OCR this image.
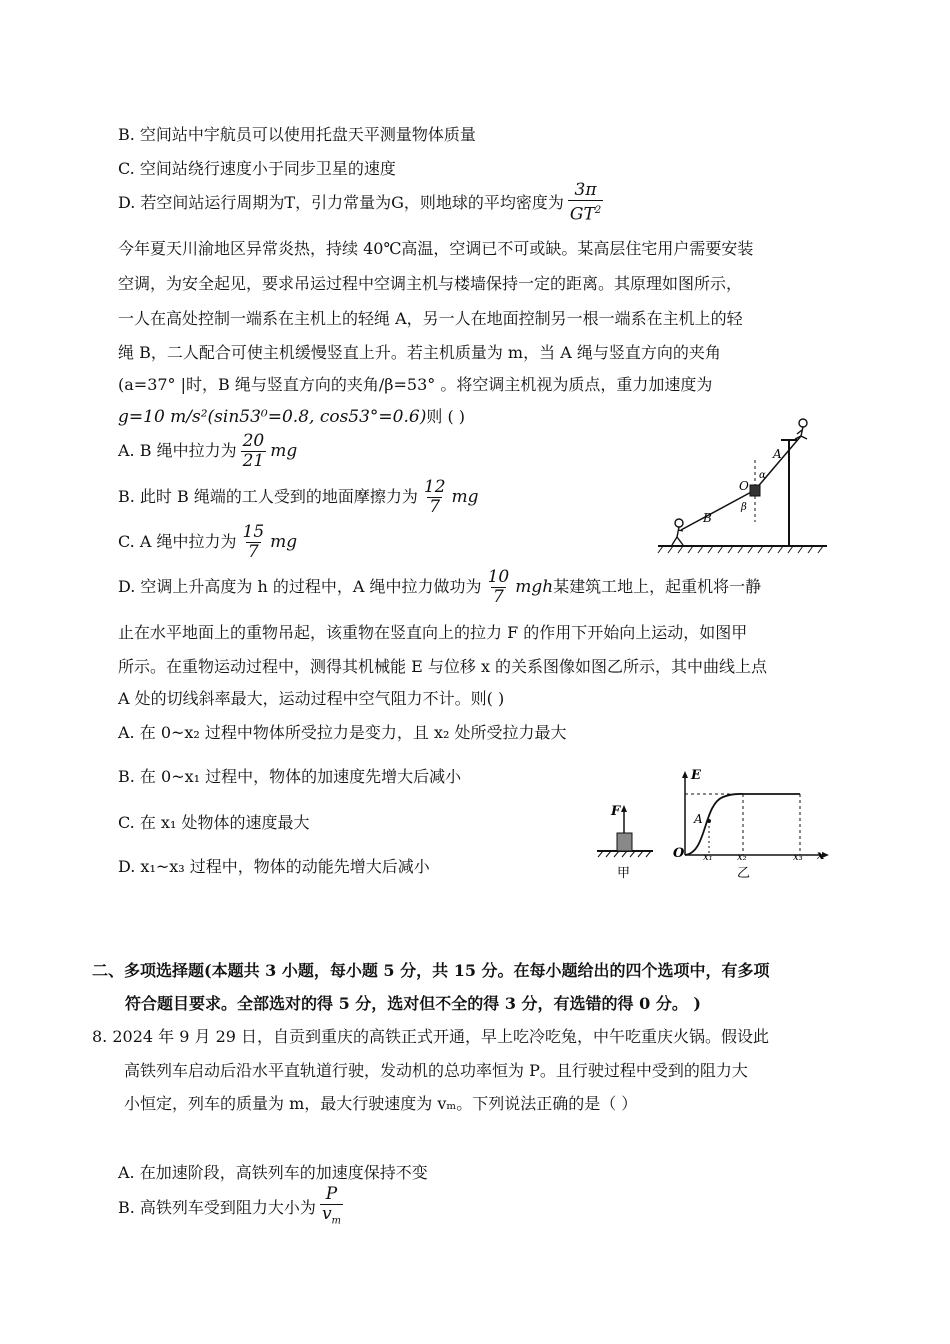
B. 空间站中宇航员可以使用托盘天平测量物体质量
C. 空间站绕行速度小于同步卫星的速度
D. 若空间站运行周期为T，引力常量为G，则地球的平均密度为 $\frac{3\pi}{GT^2}$
今年夏天川渝地区异常炎热，持续 40℃高温，空调已不可或缺。某高层住宅用户需要安装
空调，为安全起见，要求吊运过程中空调主机与楼墙保持一定的距离。其原理如图所示，
一人在高处控制一端系在主机上的轻绳 A，另一人在地面控制另一根一端系在主机上的轻
绳 B，二人配合可使主机缓慢竖直上升。若主机质量为 m，当 A 绳与竖直方向的夹角
(a=37° |时，B 绳与竖直方向的夹角/β=53° 。将空调主机视为质点，重力加速度为
g=10 m/s²(sin53⁰=0.8, cos53°=0.6)则 ( )
A. B 绳中拉力为 $\frac{20}{21}$ mg
B. 此时 B 绳端的工人受到的地面摩擦力为 $\frac{12}{7}$ mg
C. A 绳中拉力为 $\frac{15}{7}$ mg
D. 空调上升高度为 h 的过程中，A 绳中拉力做功为 $\frac{10}{7}$ mgh 某建筑工地上，起重机将一静
A
B
O
α
β
止在水平地面上的重物吊起，该重物在竖直向上的拉力 F 的作用下开始向上运动，如图甲
所示。在重物运动过程中，测得其机械能 E 与位移 x 的关系图像如图乙所示，其中曲线上点
A 处的切线斜率最大，运动过程中空气阻力不计。则( )
A. 在 0~x₂ 过程中物体所受拉力是变力，且 x₂ 处所受拉力最大
B. 在 0~x₁ 过程中，物体的加速度先增大后减小
C. 在 x₁ 处物体的速度最大
D. x₁~x₃ 过程中，物体的动能先增大后减小
F
甲
A
E
O x₁ x₂	x₃ x
乙
二、多项选择题(本题共 3 小题，每小题 5 分，共 15 分。在每小题给出的四个选项中，有多项
符合题目要求。全部选对的得 5 分，选对但不全的得 3 分，有选错的得 0 分。 )
8. 2024 年 9 月 29 日，自贡到重庆的高铁正式开通，早上吃冷吃兔，中午吃重庆火锅。假设此
高铁列车启动后沿水平直轨道行驶，发动机的总功率恒为 P。且行驶过程中受到的阻力大
小恒定，列车的质量为 m，最大行驶速度为 vₘ。下列说法正确的是（ ）
A. 在加速阶段，高铁列车的加速度保持不变
B. 高铁列车受到阻力大小为 $\frac{P}{v_m}$
